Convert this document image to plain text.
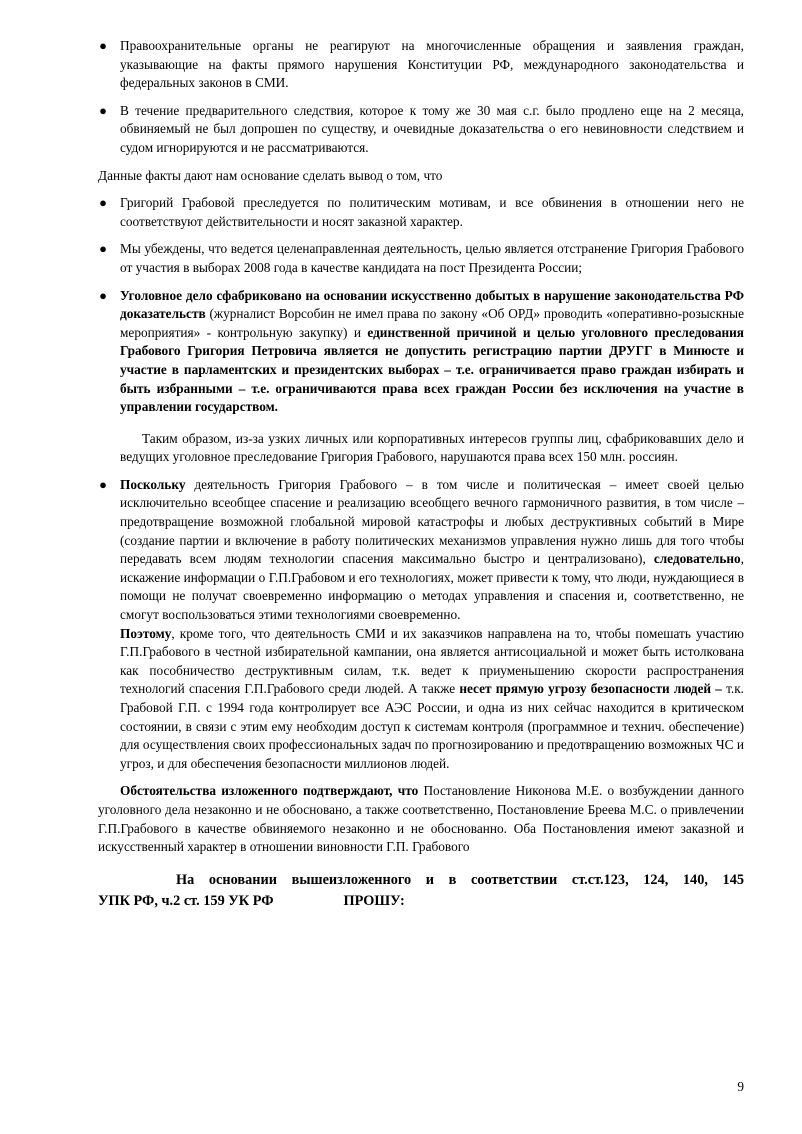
● Правоохранительные органы не реагируют на многочисленные обращения и заявления граждан, указывающие на факты прямого нарушения Конституции РФ, международного законодательства и федеральных законов в СМИ.
● В течение предварительного следствия, которое к тому же 30 мая с.г. было продлено еще на 2 месяца, обвиняемый не был допрошен по существу, и очевидные доказательства о его невиновности следствием и судом игнорируются и не рассматриваются.

Данные факты дают нам основание сделать вывод о том, что

● Григорий Грабовой преследуется по политическим мотивам, и все обвинения в отношении него не соответствуют действительности и носят заказной характер.
● Мы убеждены, что ведется целенаправленная деятельность, целью является отстранение Григория Грабового от участия в выборах 2008 года в качестве кандидата на пост Президента России;
● Уголовное дело сфабриковано на основании искусственно добытых в нарушение законодательства РФ доказательств (журналист Ворсобин не имел права по закону «Об ОРД» проводить «оперативно-розыскные мероприятия» - контрольную закупку) и единственной причиной и целью уголовного преследования Грабового Григория Петровича является не допустить регистрацию партии ДРУГГ в Минюсте и участие в парламентских и президентских выборах – т.е. ограничивается право граждан избирать и быть избранными – т.е. ограничиваются права всех граждан России без исключения на участие в управлении государством.

Таким образом, из-за узких личных или корпоративных интересов группы лиц, сфабриковавших дело и ведущих уголовное преследование Григория Грабового, нарушаются права всех 150 млн. россиян.

● Поскольку деятельность Григория Грабового – в том числе и политическая – имеет своей целью исключительно всеобщее спасение и реализацию всеобщего вечного гармоничного развития, в том числе – предотвращение возможной глобальной мировой катастрофы и любых деструктивных событий в Мире (создание партии и включение в работу политических механизмов управления нужно лишь для того чтобы передавать всем людям технологии спасения максимально быстро и централизовано), следовательно, искажение информации о Г.П.Грабовом и его технологиях, может привести к тому, что люди, нуждающиеся в помощи не получат своевременно информацию о методах управления и спасения и, соответственно, не смогут воспользоваться этими технологиями своевременно.

Поэтому, кроме того, что деятельность СМИ и их заказчиков направлена на то, чтобы помешать участию Г.П.Грабового в честной избирательной кампании, она является антисоциальной и может быть истолкована как пособничество деструктивным силам, т.к. ведет к приуменьшению скорости распространения технологий спасения Г.П.Грабового среди людей. А также несет прямую угрозу безопасности людей – т.к. Грабовой Г.П. с 1994 года контролирует все АЭС России, и одна из них сейчас находится в критическом состоянии, в связи с этим ему необходим доступ к системам контроля (программное и технич. обеспечение) для осуществления своих профессиональных задач по прогнозированию и предотвращению возможных ЧС и угроз, и для обеспечения безопасности миллионов людей.

Обстоятельства изложенного подтверждают, что Постановление Никонова М.Е. о возбуждении данного уголовного дела незаконно и не обосновано, а также соответственно, Постановление Бреева М.С. о привлечении Г.П.Грабового в качестве обвиняемого незаконно и не обоснованно. Оба Постановления имеют заказной и искусственный характер в отношении виновности Г.П. Грабового

На основании вышеизложенного и в соответствии ст.ст.123, 124, 140, 145

УПК РФ, ч.2 ст. 159 УК РФ	ПРОШУ:

9
